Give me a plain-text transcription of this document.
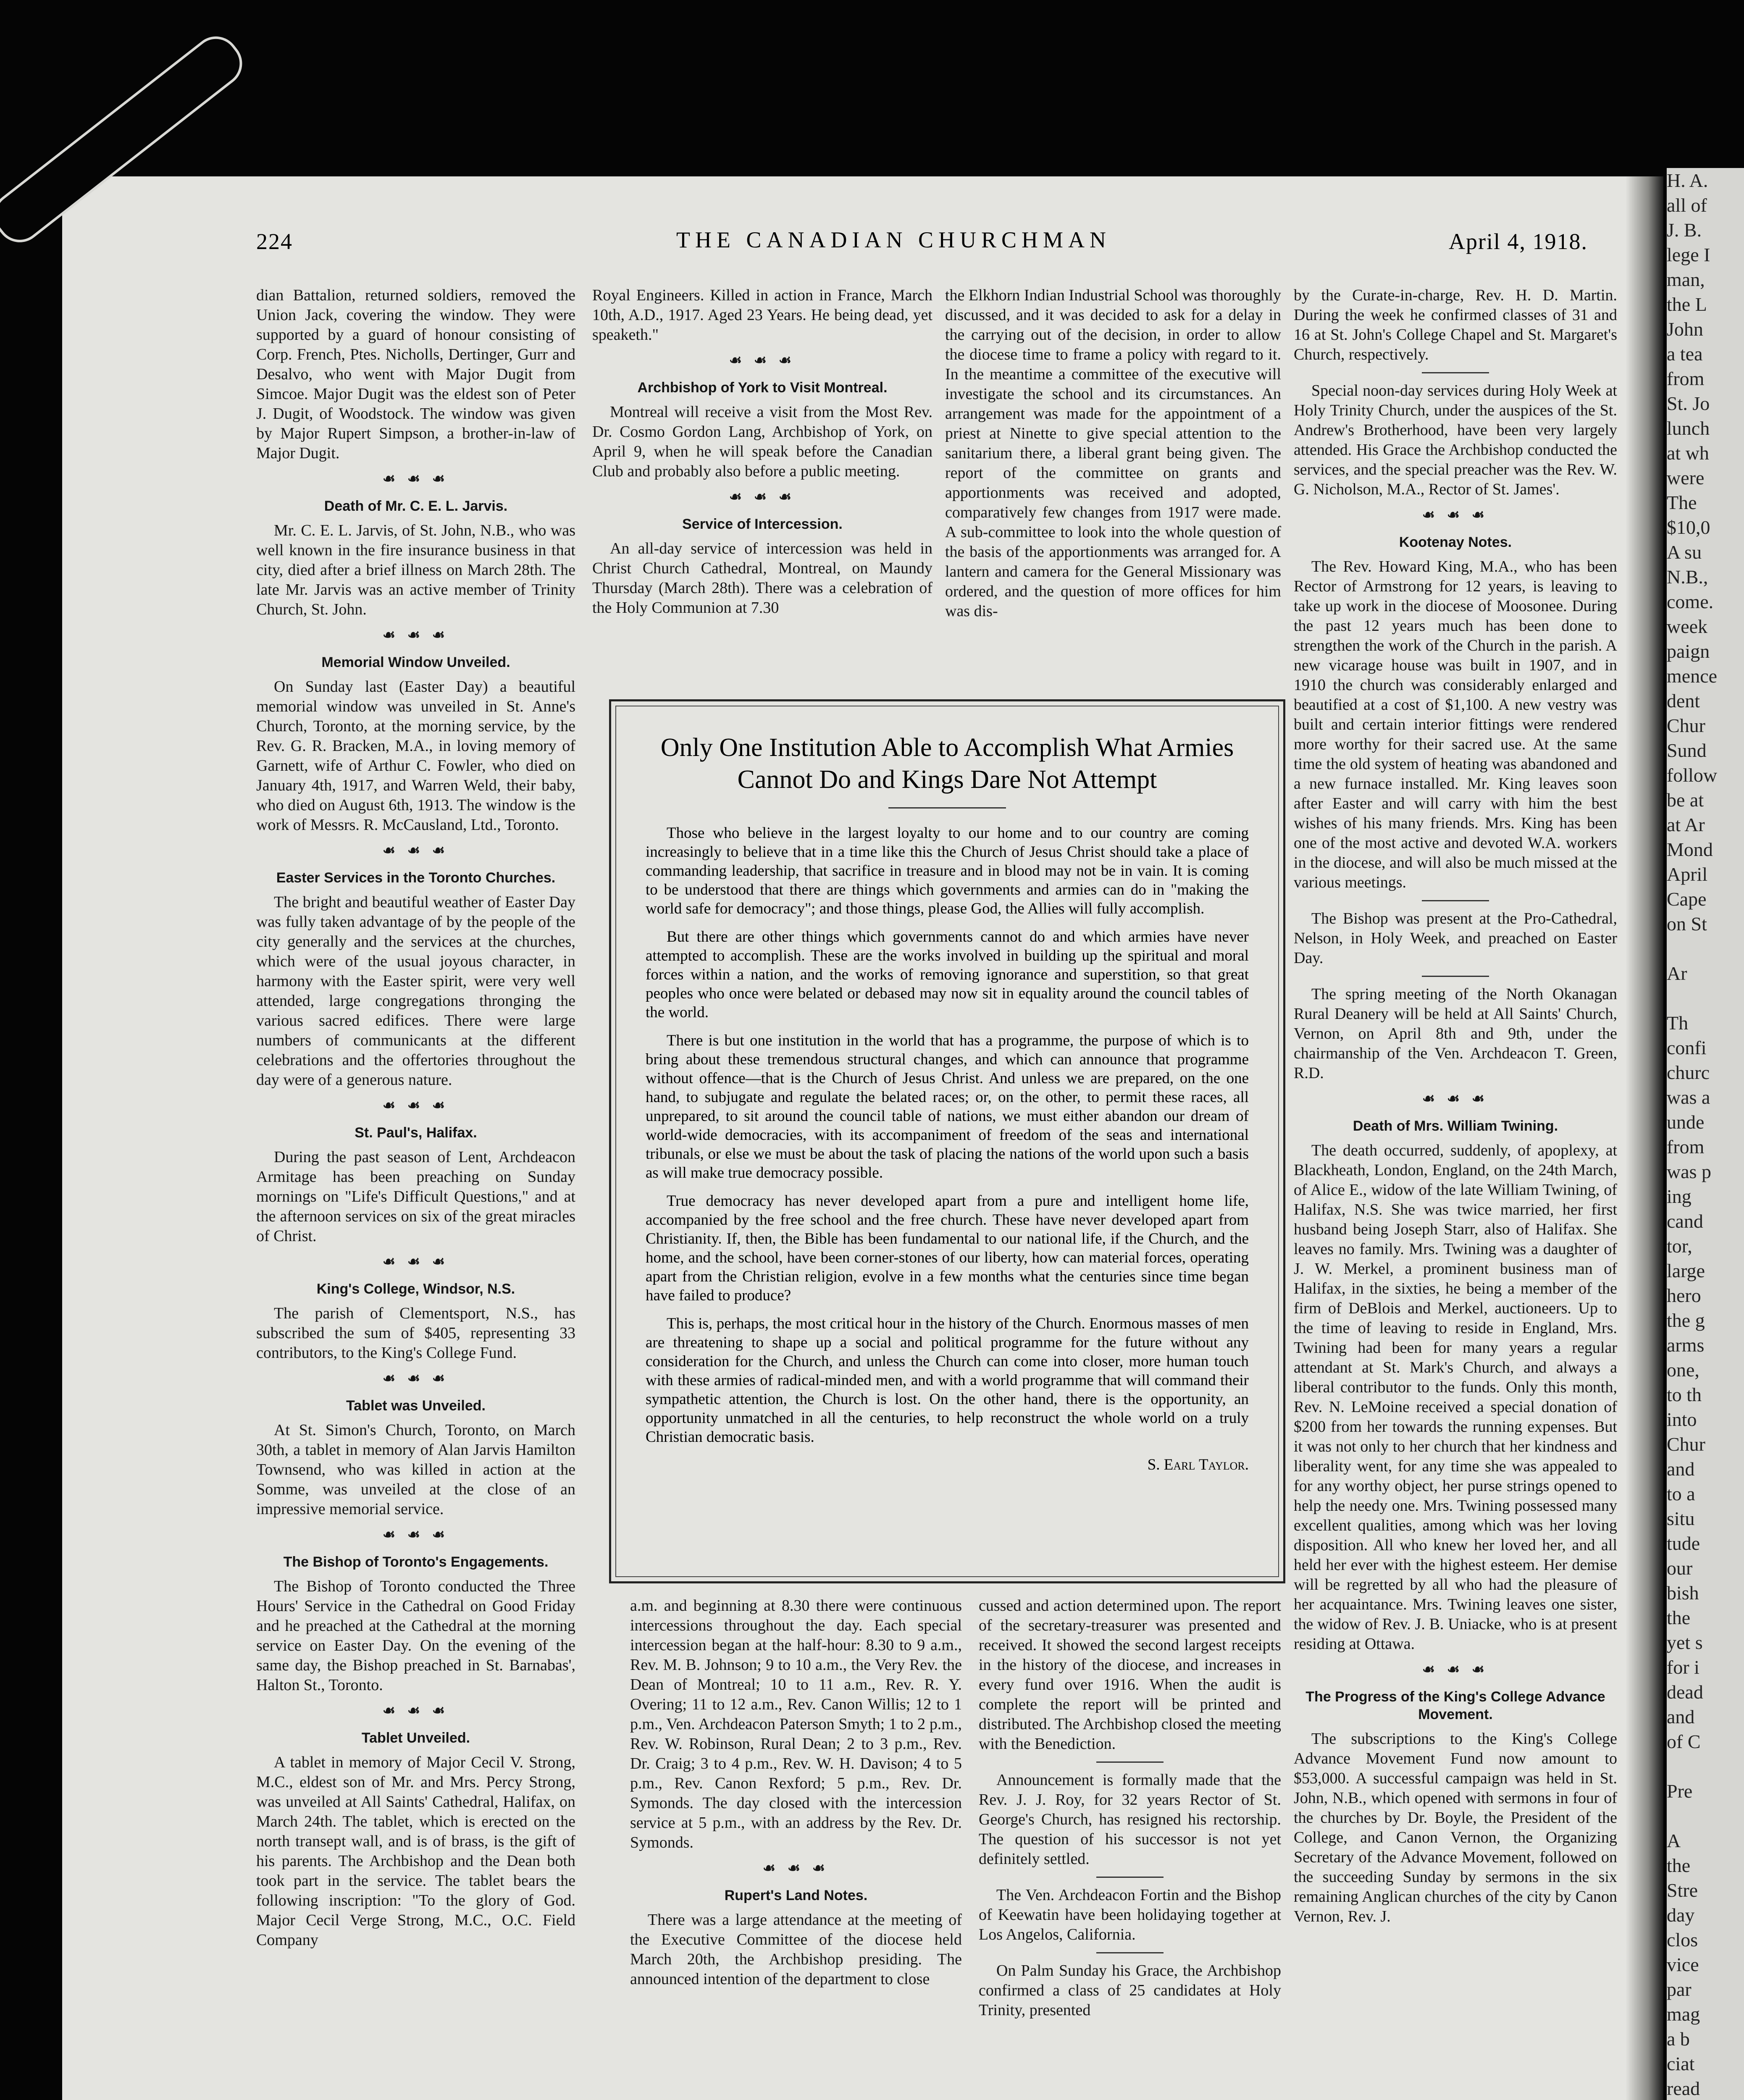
H. A.
all of
J. B.
lege I
man,
the L
John
a tea
from
St. Jo
lunch
at wh
were
The
$10,0
A su
N.B.,
come.
week
paign
mence
dent
Chur
Sund
follow
be at
at Ar
Mond
April
Cape
on St

Ar

Th
confi
churc
was a
unde
from
was p
ing
cand
tor,
large
hero
the g
arms
one,
to th
into
Chur
and
to a
situ
tude
our
bish
the
yet s
for i
dead
and
of C

Pre

A
the
Stre
day
clos
vice
par
mag
a b
ciat
read

224	THE CANADIAN CHURCHMAN	April 4, 1918.

dian Battalion, returned soldiers, removed the Union Jack, covering the window. They were supported by a guard of honour consisting of Corp. French, Ptes. Nicholls, Dertinger, Gurr and Desalvo, who went with Major Dugit from Simcoe. Major Dugit was the eldest son of Peter J. Dugit, of Woodstock. The window was given by Major Rupert Simpson, a brother-in-law of Major Dugit.

☙ ☙ ☙
Death of Mr. C. E. L. Jarvis.

Mr. C. E. L. Jarvis, of St. John, N.B., who was well known in the fire insurance business in that city, died after a brief illness on March 28th. The late Mr. Jarvis was an active member of Trinity Church, St. John.

☙ ☙ ☙
Memorial Window Unveiled.

On Sunday last (Easter Day) a beautiful memorial window was unveiled in St. Anne's Church, Toronto, at the morning service, by the Rev. G. R. Bracken, M.A., in loving memory of Garnett, wife of Arthur C. Fowler, who died on January 4th, 1917, and Warren Weld, their baby, who died on August 6th, 1913. The window is the work of Messrs. R. McCausland, Ltd., Toronto.

☙ ☙ ☙
Easter Services in the Toronto Churches.

The bright and beautiful weather of Easter Day was fully taken advantage of by the people of the city generally and the services at the churches, which were of the usual joyous character, in harmony with the Easter spirit, were very well attended, large congregations thronging the various sacred edifices. There were large numbers of communicants at the different celebrations and the offertories throughout the day were of a generous nature.

☙ ☙ ☙
St. Paul's, Halifax.

During the past season of Lent, Archdeacon Armitage has been preaching on Sunday mornings on "Life's Difficult Questions," and at the afternoon services on six of the great miracles of Christ.

☙ ☙ ☙
King's College, Windsor, N.S.

The parish of Clementsport, N.S., has subscribed the sum of $405, representing 33 contributors, to the King's College Fund.

☙ ☙ ☙
Tablet was Unveiled.

At St. Simon's Church, Toronto, on March 30th, a tablet in memory of Alan Jarvis Hamilton Townsend, who was killed in action at the Somme, was unveiled at the close of an impressive memorial service.

☙ ☙ ☙
The Bishop of Toronto's Engagements.

The Bishop of Toronto conducted the Three Hours' Service in the Cathedral on Good Friday and he preached at the Cathedral at the morning service on Easter Day. On the evening of the same day, the Bishop preached in St. Barnabas', Halton St., Toronto.

☙ ☙ ☙
Tablet Unveiled.

A tablet in memory of Major Cecil V. Strong, M.C., eldest son of Mr. and Mrs. Percy Strong, was unveiled at All Saints' Cathedral, Halifax, on March 24th. The tablet, which is erected on the north transept wall, and is of brass, is the gift of his parents. The Archbishop and the Dean both took part in the service. The tablet bears the following inscription: "To the glory of God. Major Cecil Verge Strong, M.C., O.C. Field Company

Royal Engineers. Killed in action in France, March 10th, A.D., 1917. Aged 23 Years. He being dead, yet speaketh."

☙ ☙ ☙
Archbishop of York to Visit Montreal.

Montreal will receive a visit from the Most Rev. Dr. Cosmo Gordon Lang, Archbishop of York, on April 9, when he will speak before the Canadian Club and probably also before a public meeting.

☙ ☙ ☙
Service of Intercession.

An all-day service of intercession was held in Christ Church Cathedral, Montreal, on Maundy Thursday (March 28th). There was a celebration of the Holy Communion at 7.30

the Elkhorn Indian Industrial School was thoroughly discussed, and it was decided to ask for a delay in the carrying out of the decision, in order to allow the diocese time to frame a policy with regard to it. In the meantime a committee of the executive will investigate the school and its circumstances. An arrangement was made for the appointment of a priest at Ninette to give special attention to the sanitarium there, a liberal grant being given. The report of the committee on grants and apportionments was received and adopted, comparatively few changes from 1917 were made. A sub-committee to look into the whole question of the basis of the apportionments was arranged for. A lantern and camera for the General Missionary was ordered, and the question of more offices for him was dis-

Only One Institution Able to Accomplish What Armies Cannot Do and Kings Dare Not Attempt

Those who believe in the largest loyalty to our home and to our country are coming increasingly to believe that in a time like this the Church of Jesus Christ should take a place of commanding leadership, that sacrifice in treasure and in blood may not be in vain. It is coming to be understood that there are things which governments and armies can do in "making the world safe for democracy"; and those things, please God, the Allies will fully accomplish.

But there are other things which governments cannot do and which armies have never attempted to accomplish. These are the works involved in building up the spiritual and moral forces within a nation, and the works of removing ignorance and superstition, so that great peoples who once were belated or debased may now sit in equality around the council tables of the world.

There is but one institution in the world that has a programme, the purpose of which is to bring about these tremendous structural changes, and which can announce that programme without offence—that is the Church of Jesus Christ. And unless we are prepared, on the one hand, to subjugate and regulate the belated races; or, on the other, to permit these races, all unprepared, to sit around the council table of nations, we must either abandon our dream of world-wide democracies, with its accompaniment of freedom of the seas and international tribunals, or else we must be about the task of placing the nations of the world upon such a basis as will make true democracy possible.

True democracy has never developed apart from a pure and intelligent home life, accompanied by the free school and the free church. These have never developed apart from Christianity. If, then, the Bible has been fundamental to our national life, if the Church, and the home, and the school, have been corner-stones of our liberty, how can material forces, operating apart from the Christian religion, evolve in a few months what the centuries since time began have failed to produce?

This is, perhaps, the most critical hour in the history of the Church. Enormous masses of men are threatening to shape up a social and political programme for the future without any consideration for the Church, and unless the Church can come into closer, more human touch with these armies of radical-minded men, and with a world programme that will command their sympathetic attention, the Church is lost. On the other hand, there is the opportunity, an opportunity unmatched in all the centuries, to help reconstruct the whole world on a truly Christian democratic basis.

S. Earl Taylor.

a.m. and beginning at 8.30 there were continuous intercessions throughout the day. Each special intercession began at the half-hour: 8.30 to 9 a.m., Rev. M. B. Johnson; 9 to 10 a.m., the Very Rev. the Dean of Montreal; 10 to 11 a.m., Rev. R. Y. Overing; 11 to 12 a.m., Rev. Canon Willis; 12 to 1 p.m., Ven. Archdeacon Paterson Smyth; 1 to 2 p.m., Rev. W. Robinson, Rural Dean; 2 to 3 p.m., Rev. Dr. Craig; 3 to 4 p.m., Rev. W. H. Davison; 4 to 5 p.m., Rev. Canon Rexford; 5 p.m., Rev. Dr. Symonds. The day closed with the intercession service at 5 p.m., with an address by the Rev. Dr. Symonds.

☙ ☙ ☙
Rupert's Land Notes.

There was a large attendance at the meeting of the Executive Committee of the diocese held March 20th, the Archbishop presiding. The announced intention of the department to close

cussed and action determined upon. The report of the secretary-treasurer was presented and received. It showed the second largest receipts in the history of the diocese, and increases in every fund over 1916. When the audit is complete the report will be printed and distributed. The Archbishop closed the meeting with the Benediction.

Announcement is formally made that the Rev. J. J. Roy, for 32 years Rector of St. George's Church, has resigned his rectorship. The question of his successor is not yet definitely settled.

The Ven. Archdeacon Fortin and the Bishop of Keewatin have been holidaying together at Los Angelos, California.

On Palm Sunday his Grace, the Archbishop confirmed a class of 25 candidates at Holy Trinity, presented

by the Curate-in-charge, Rev. H. D. Martin. During the week he confirmed classes of 31 and 16 at St. John's College Chapel and St. Margaret's Church, respectively.

Special noon-day services during Holy Week at Holy Trinity Church, under the auspices of the St. Andrew's Brotherhood, have been very largely attended. His Grace the Archbishop conducted the services, and the special preacher was the Rev. W. G. Nicholson, M.A., Rector of St. James'.

☙ ☙ ☙
Kootenay Notes.

The Rev. Howard King, M.A., who has been Rector of Armstrong for 12 years, is leaving to take up work in the diocese of Moosonee. During the past 12 years much has been done to strengthen the work of the Church in the parish. A new vicarage house was built in 1907, and in 1910 the church was considerably enlarged and beautified at a cost of $1,100. A new vestry was built and certain interior fittings were rendered more worthy for their sacred use. At the same time the old system of heating was abandoned and a new furnace installed. Mr. King leaves soon after Easter and will carry with him the best wishes of his many friends. Mrs. King has been one of the most active and devoted W.A. workers in the diocese, and will also be much missed at the various meetings.

The Bishop was present at the Pro-Cathedral, Nelson, in Holy Week, and preached on Easter Day.

The spring meeting of the North Okanagan Rural Deanery will be held at All Saints' Church, Vernon, on April 8th and 9th, under the chairmanship of the Ven. Archdeacon T. Green, R.D.

☙ ☙ ☙
Death of Mrs. William Twining.

The death occurred, suddenly, of apoplexy, at Blackheath, London, England, on the 24th March, of Alice E., widow of the late William Twining, of Halifax, N.S. She was twice married, her first husband being Joseph Starr, also of Halifax. She leaves no family. Mrs. Twining was a daughter of J. W. Merkel, a prominent business man of Halifax, in the sixties, he being a member of the firm of DeBlois and Merkel, auctioneers. Up to the time of leaving to reside in England, Mrs. Twining had been for many years a regular attendant at St. Mark's Church, and always a liberal contributor to the funds. Only this month, Rev. N. LeMoine received a special donation of $200 from her towards the running expenses. But it was not only to her church that her kindness and liberality went, for any time she was appealed to for any worthy object, her purse strings opened to help the needy one. Mrs. Twining possessed many excellent qualities, among which was her loving disposition. All who knew her loved her, and all held her ever with the highest esteem. Her demise will be regretted by all who had the pleasure of her acquaintance. Mrs. Twining leaves one sister, the widow of Rev. J. B. Uniacke, who is at present residing at Ottawa.

☙ ☙ ☙
The Progress of the King's College Advance Movement.

The subscriptions to the King's College Advance Movement Fund now amount to $53,000. A successful campaign was held in St. John, N.B., which opened with sermons in four of the churches by Dr. Boyle, the President of the College, and Canon Vernon, the Organizing Secretary of the Advance Movement, followed on the succeeding Sunday by sermons in the six remaining Anglican churches of the city by Canon Vernon, Rev. J.
